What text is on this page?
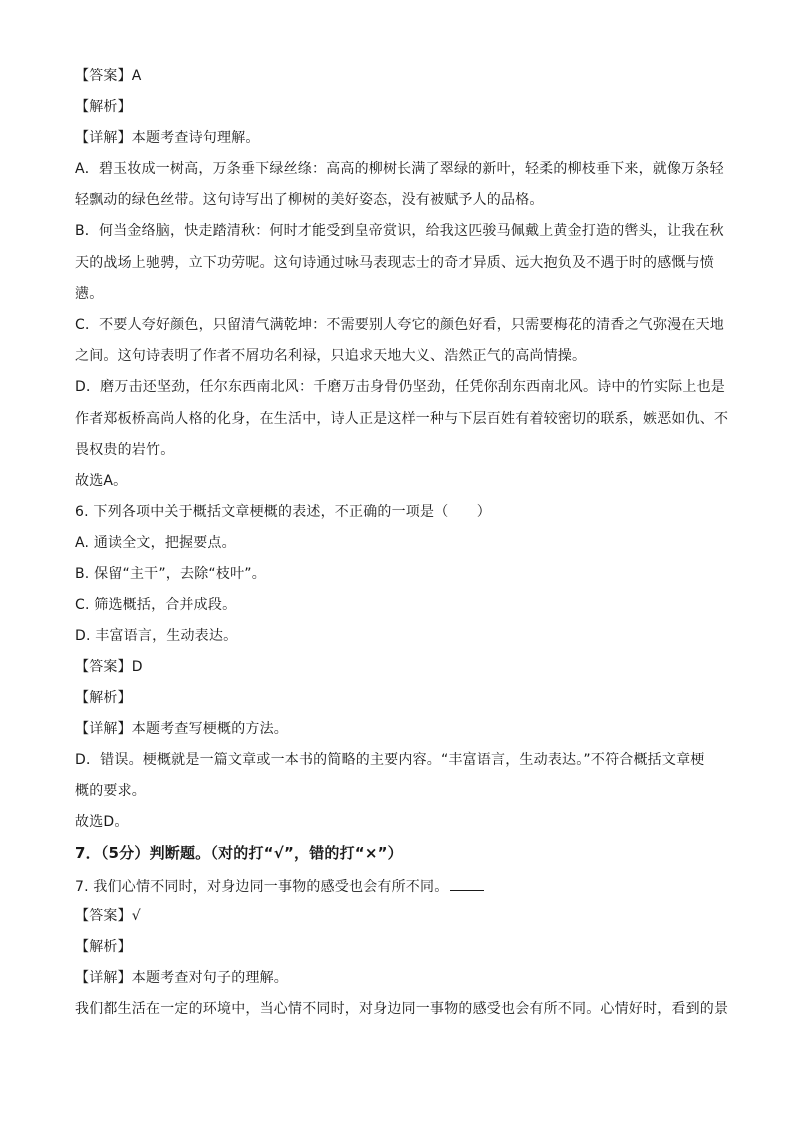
【答案】A
【解析】
【详解】本题考查诗句理解。
A．碧玉妆成一树高，万条垂下绿丝绦：高高的柳树长满了翠绿的新叶，轻柔的柳枝垂下来，就像万条轻
轻飘动的绿色丝带。这句诗写出了柳树的美好姿态，没有被赋予人的品格。
B．何当金络脑，快走踏清秋：何时才能受到皇帝赏识，给我这匹骏马佩戴上黄金打造的辔头，让我在秋
天的战场上驰骋，立下功劳呢。这句诗通过咏马表现志士的奇才异质、远大抱负及不遇于时的感慨与愤
懑。
C．不要人夸好颜色，只留清气满乾坤：不需要别人夸它的颜色好看，只需要梅花的清香之气弥漫在天地
之间。这句诗表明了作者不屑功名利禄，只追求天地大义、浩然正气的高尚情操。
D．磨万击还坚劲，任尔东西南北风：千磨万击身骨仍坚劲，任凭你刮东西南北风。诗中的竹实际上也是
作者郑板桥高尚人格的化身，在生活中，诗人正是这样一种与下层百姓有着较密切的联系，嫉恶如仇、不
畏权贵的岩竹。
故选A。
6. 下列各项中关于概括文章梗概的表述，不正确的一项是（　　）
A. 通读全文，把握要点。
B. 保留“主干”，去除“枝叶”。
C. 筛选概括，合并成段。
D. 丰富语言，生动表达。
【答案】D
【解析】
【详解】本题考查写梗概的方法。
D．错误。梗概就是一篇文章或一本书的简略的主要内容。“丰富语言，生动表达。”不符合概括文章梗
概的要求。
故选D。
7．（5分）判断题。（对的打“√”，错的打“×”）
7. 我们心情不同时，对身边同一事物的感受也会有所不同。
【答案】√
【解析】
【详解】本题考查对句子的理解。
我们都生活在一定的环境中，当心情不同时，对身边同一事物的感受也会有所不同。心情好时，看到的景
